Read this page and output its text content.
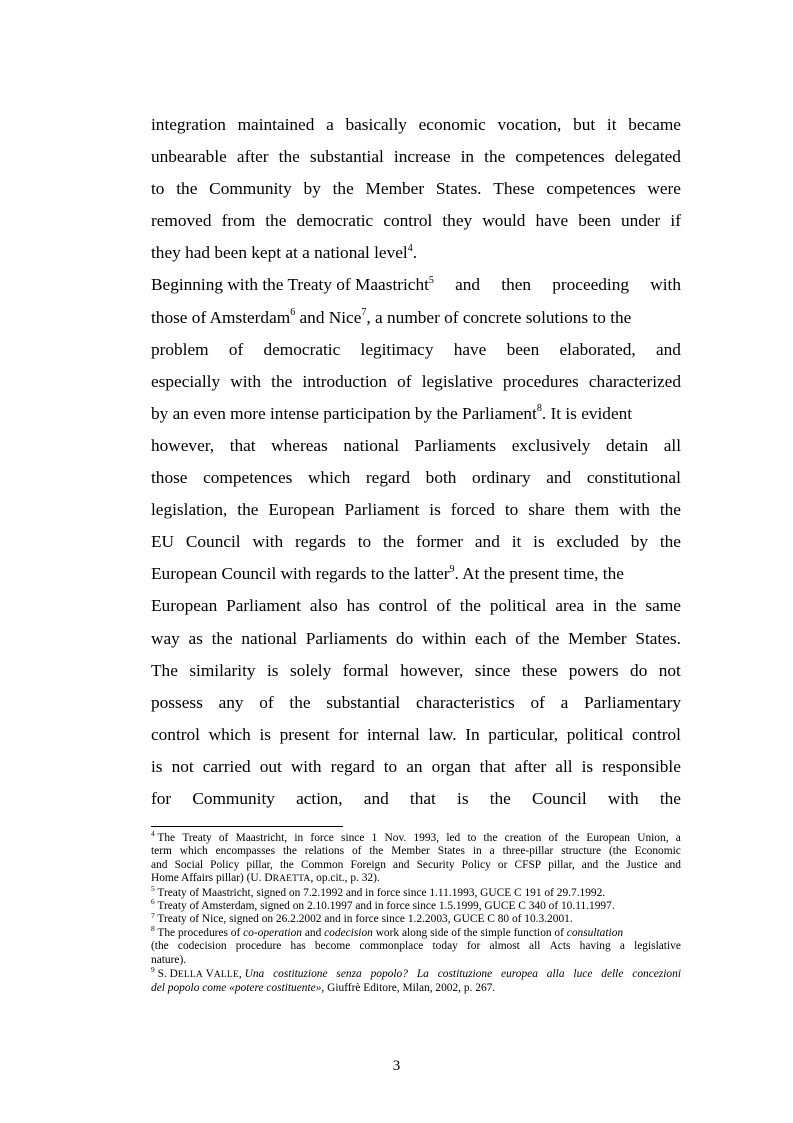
integration maintained a basically economic vocation, but it became
unbearable after the substantial increase in the competences delegated
to the Community by the Member States. These competences were
removed from the democratic control they would have been under if
they had been kept at a national level$^4$.
Beginning with the Treaty of Maastricht$^5$ and then proceeding with
those of Amsterdam$^6$ and Nice$^7$, a number of concrete solutions to the
problem of democratic legitimacy have been elaborated, and
especially with the introduction of legislative procedures characterized
by an even more intense participation by the Parliament$^8$. It is evident
however, that whereas national Parliaments exclusively detain all
those competences which regard both ordinary and constitutional
legislation, the European Parliament is forced to share them with the
EU Council with regards to the former and it is excluded by the
European Council with regards to the latter$^9$. At the present time, the
European Parliament also has control of the political area in the same
way as the national Parliaments do within each of the Member States.
The similarity is solely formal however, since these powers do not
possess any of the substantial characteristics of a Parliamentary
control which is present for internal law. In particular, political control
is not carried out with regard to an organ that after all is responsible
for Community action, and that is the Council with the
$^4$ The Treaty of Maastricht, in force since 1 Nov. 1993, led to the creation of the European Union, a
term which encompasses the relations of the Member States in a three-pillar structure (the Economic
and Social Policy pillar, the Common Foreign and Security Policy or CFSP pillar, and the Justice and
Home Affairs pillar) (U. DRAETTA, op.cit., p. 32).
$^5$ Treaty of Maastricht, signed on 7.2.1992 and in force since 1.11.1993, GUCE C 191 of 29.7.1992.
$^6$ Treaty of Amsterdam, signed on 2.10.1997 and in force since 1.5.1999, GUCE C 340 of 10.11.1997.
$^7$ Treaty of Nice, signed on 26.2.2002 and in force since 1.2.2003, GUCE C 80 of 10.3.2001.
$^8$ The procedures of co-operation and codecision work along side of the simple function of consultation
(the codecision procedure has become commonplace today for almost all Acts having a legislative
nature).
$^9$ S. DELLA VALLE, Una costituzione senza popolo? La costituzione europea alla luce delle concezioni
del popolo come «potere costituente», Giuffrè Editore, Milan, 2002, p. 267.
3
